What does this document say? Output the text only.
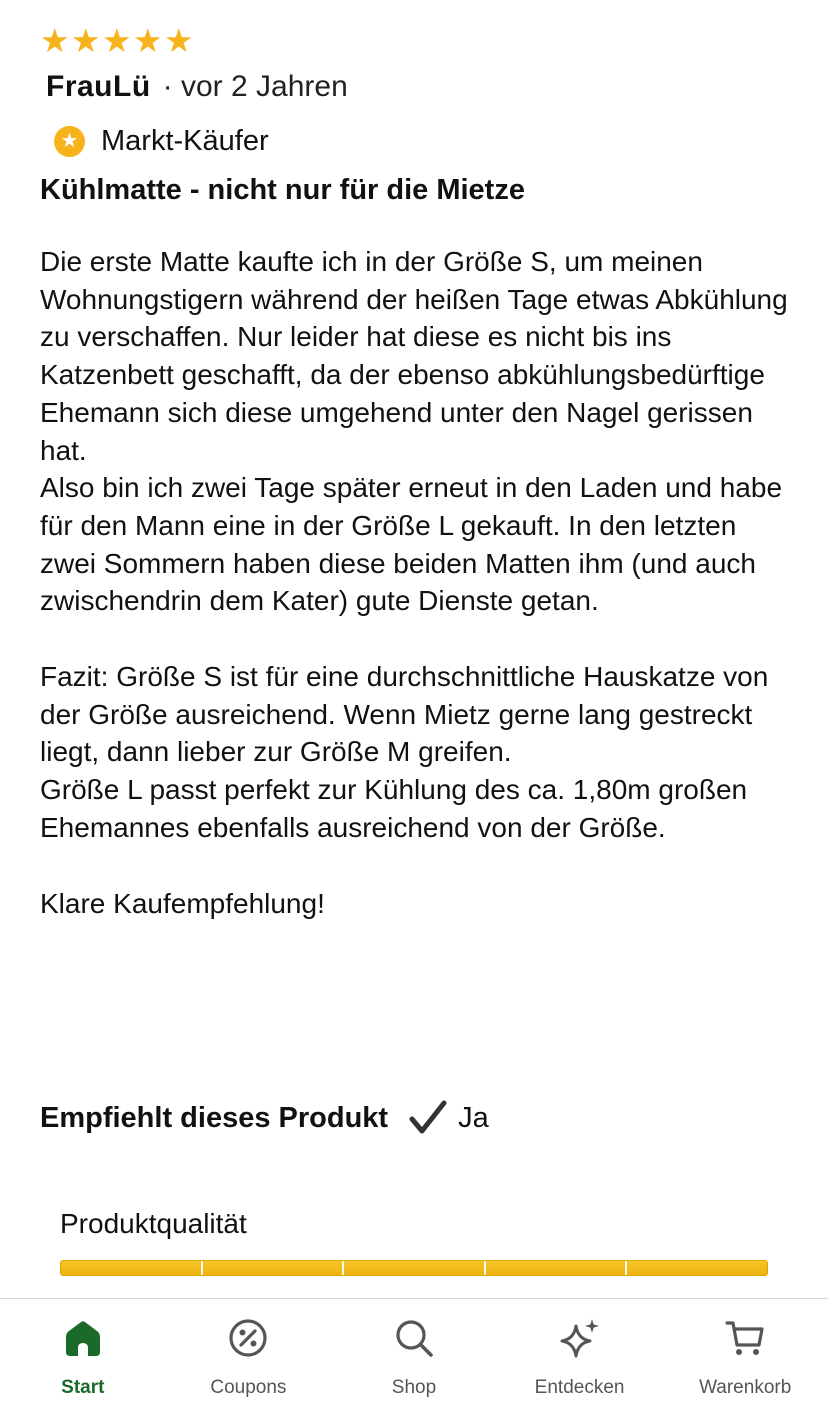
★ ★ ★ ★ ★
FrauLü · vor 2 Jahren
★ Markt-Käufer
Kühlmatte - nicht nur für die Mietze

Die erste Matte kaufte ich in der Größe S, um meinen Wohnungstigern während der heißen Tage etwas Abkühlung zu verschaffen. Nur leider hat diese es nicht bis ins Katzenbett geschafft, da der ebenso abkühlungsbedürftige Ehemann sich diese umgehend unter den Nagel gerissen hat.
Also bin ich zwei Tage später erneut in den Laden und habe für den Mann eine in der Größe L gekauft. In den letzten zwei Sommern haben diese beiden Matten ihm (und auch zwischendrin dem Kater) gute Dienste getan.

Fazit: Größe S ist für eine durchschnittliche Hauskatze von der Größe ausreichend. Wenn Mietz gerne lang gestreckt liegt, dann lieber zur Größe M greifen.
Größe L passt perfekt zur Kühlung des ca. 1,80m großen Ehemannes ebenfalls ausreichend von der Größe.

Klare Kaufempfehlung!

Empfiehlt dieses Produkt Ja
Produktqualität
Start	Coupons	Shop	Entdecken	Warenkorb
